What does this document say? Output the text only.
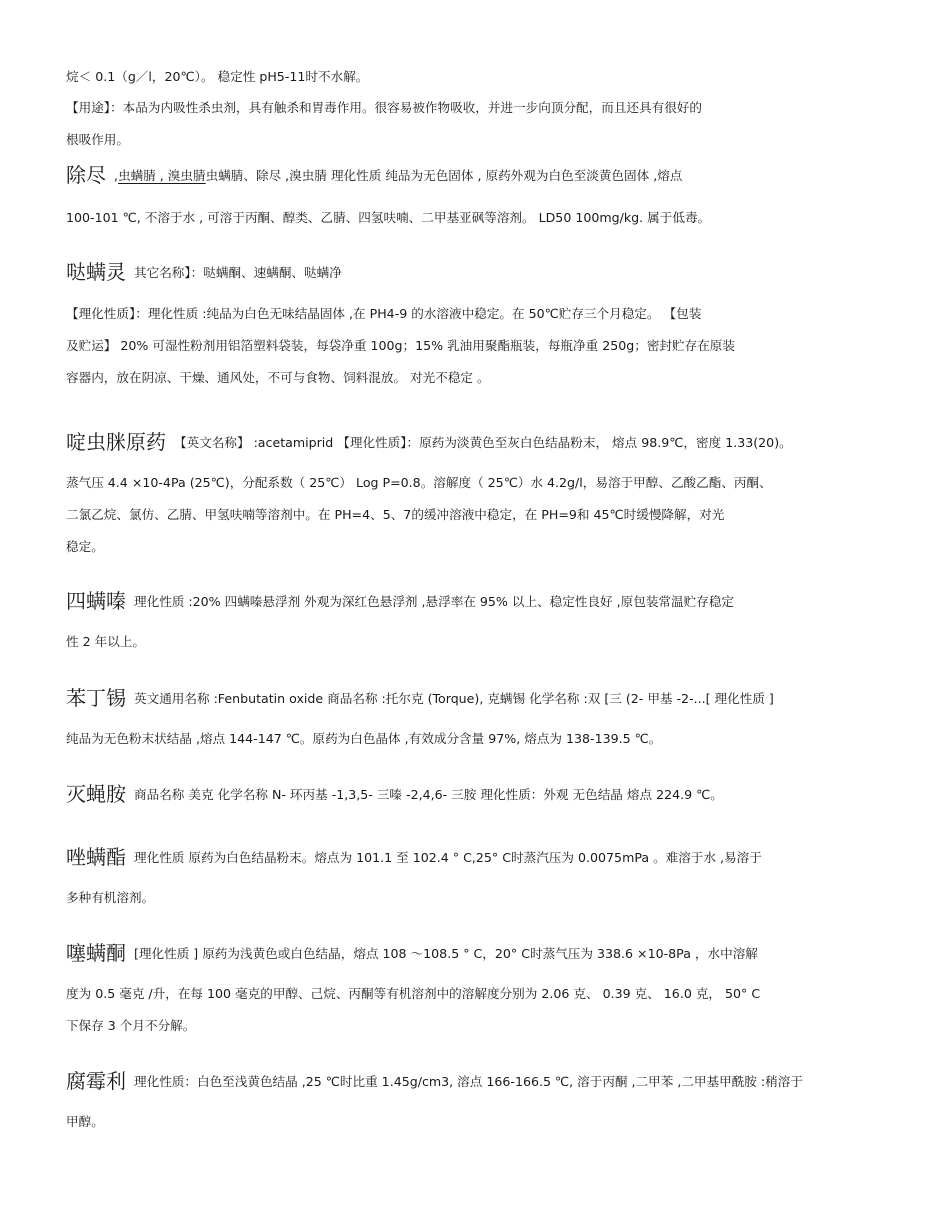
烷＜ 0.1（g／l，20℃）。 稳定性 pH5-11时不水解。
【用途】：本品为内吸性杀虫剂，具有触杀和胃毒作用。很容易被作物吸收，并进一步向顶分配，而且还具有很好的
根吸作用。
除尽 ,虫螨腈 , 溴虫腈虫螨腈、除尽 ,溴虫腈 理化性质 纯品为无色固体 , 原药外观为白色至淡黄色固体 ,熔点
100-101 ℃, 不溶于水 , 可溶于丙酮、醇类、乙腈、四氢呋喃、二甲基亚砜等溶剂。 LD50 100mg/kg. 属于低毒。
哒螨灵 其它名称】：哒螨酮、速螨酮、哒螨净
【理化性质】：理化性质 :纯品为白色无味结晶固体 ,在 PH4-9 的水溶液中稳定。在 50℃贮存三个月稳定。 【包装
及贮运】 20% 可湿性粉剂用铝箔塑料袋装，每袋净重 100g；15% 乳油用聚酯瓶装，每瓶净重 250g；密封贮存在原装
容器内，放在阴凉、干燥、通风处，不可与食物、饲料混放。 对光不稳定 。
啶虫脒原药 【英文名称】 :acetamiprid 【理化性质】：原药为淡黄色至灰白色结晶粉末， 熔点 98.9℃，密度 1.33(20)。
蒸气压 4.4 ×10-4Pa (25℃)，分配系数（ 25℃） Log P=0.8。溶解度（ 25℃）水 4.2g/l，易溶于甲醇、乙酸乙酯、丙酮、
二氯乙烷、氯仿、乙腈、甲氢呋喃等溶剂中。在 PH=4、5、7的缓冲溶液中稳定，在 PH=9和 45℃时缓慢降解，对光
稳定。
四螨嗪 理化性质 :20% 四螨嗪悬浮剂 外观为深红色悬浮剂 ,悬浮率在 95% 以上、稳定性良好 ,原包装常温贮存稳定
性 2 年以上。
苯丁锡 英文通用名称 :Fenbutatin oxide 商品名称 :托尔克 (Torque), 克螨锡 化学名称 :双 [三 (2- 甲基 -2-...[ 理化性质 ]
纯品为无色粉末状结晶 ,熔点 144-147 ℃。原药为白色晶体 ,有效成分含量 97%, 熔点为 138-139.5 ℃。
灭蝇胺 商品名称 美克 化学名称 N- 环丙基 -1,3,5- 三嗪 -2,4,6- 三胺 理化性质：外观 无色结晶 熔点 224.9 ℃。
唑螨酯 理化性质 原药为白色结晶粉末。熔点为 101.1 至 102.4 ° C,25° C时蒸汽压为 0.0075mPa 。难溶于水 ,易溶于
多种有机溶剂。
噻螨酮 [理化性质 ] 原药为浅黄色或白色结晶，熔点 108 ～108.5 ° C，20° C时蒸气压为 338.6 ×10-8Pa ，水中溶解
度为 0.5 毫克 /升，在每 100 毫克的甲醇、己烷、丙酮等有机溶剂中的溶解度分别为 2.06 克、 0.39 克、 16.0 克， 50° C
下保存 3 个月不分解。
腐霉利 理化性质：白色至浅黄色结晶 ,25 ℃时比重 1.45g/cm3, 溶点 166-166.5 ℃, 溶于丙酮 ,二甲苯 ,二甲基甲酰胺 :稍溶于
甲醇。
